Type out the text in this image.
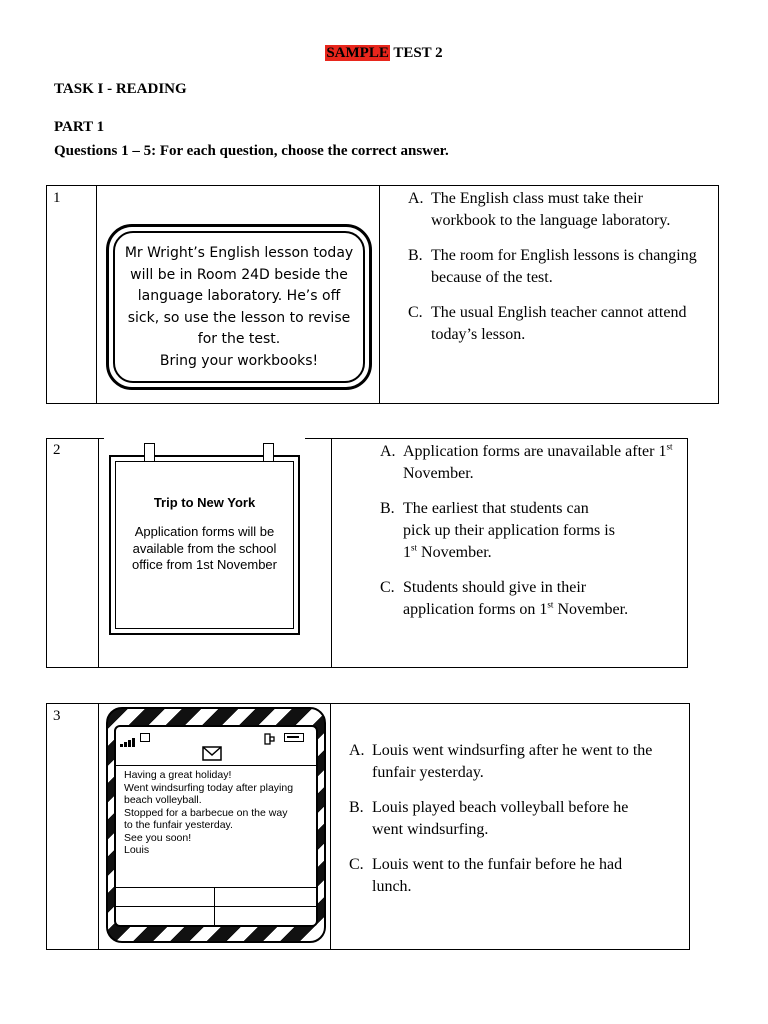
SAMPLE TEST 2
TASK I - READING
PART 1
Questions 1 – 5: For each question, choose the correct answer.
1
Mr Wright’s English lesson today
will be in Room 24D beside the
language laboratory. He’s off
sick, so use the lesson to revise
for the test.
Bring your workbooks!
A. The English class must take their workbook to the language laboratory.
B. The room for English lessons is changing because of the test.
C. The usual English teacher cannot attend today’s lesson.
2
Trip to New York
Application forms will be
available from the school
office from 1st November
A. Application forms are unavailable after 1st November.
B. The earliest that students can pick up their application forms is 1st November.
C. Students should give in their application forms on 1st November.
3
Having a great holiday!
Went windsurfing today after playing
beach volleyball.
Stopped for a barbecue on the way
to the funfair yesterday.
See you soon!
Louis
A. Louis went windsurfing after he went to the funfair yesterday.
B. Louis played beach volleyball before he went windsurfing.
C. Louis went to the funfair before he had lunch.
